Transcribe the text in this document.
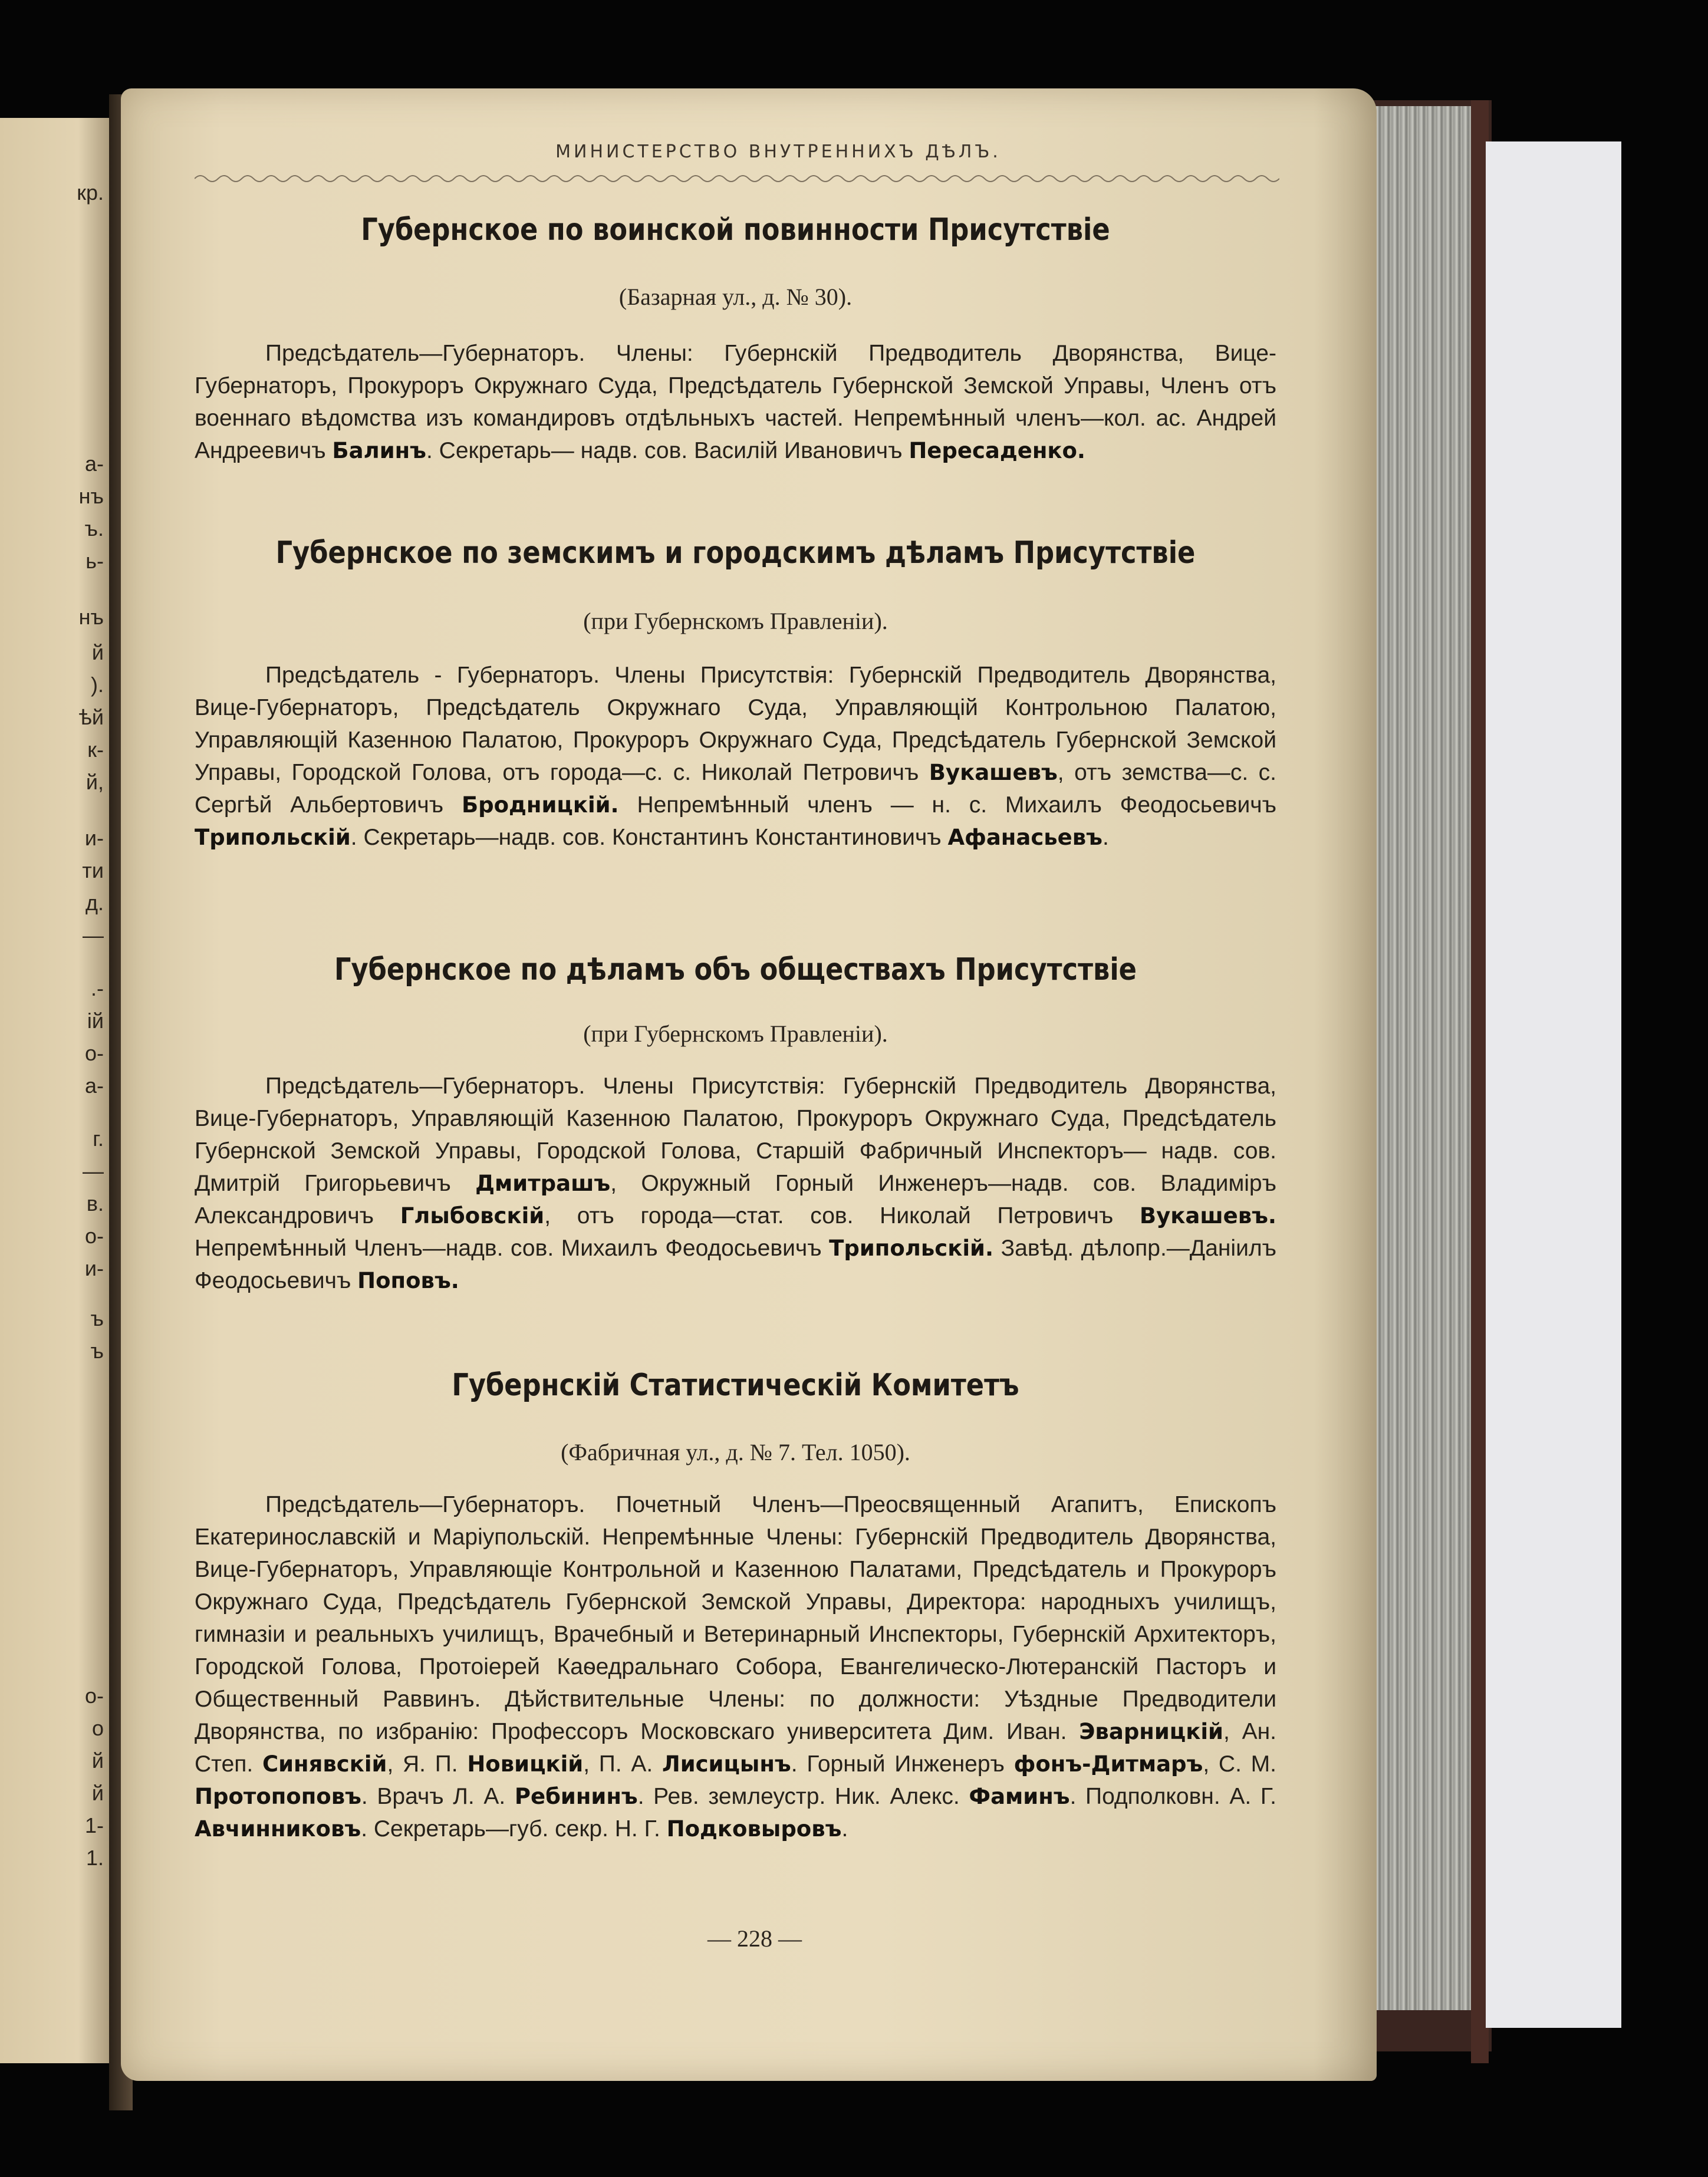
кр.
а-
нъ
ъ.
ь-
нъ
й
).
ѣй
к-
й,
и-
ти
д.
—
.-
ій
о-
а-
г.
—
в.
о-
и-
ъ
ъ
о-
о
й
й
1-
1.
МИНИСТЕРСТВО ВНУТРЕННИХЪ ДѢЛЪ.
Губернское по воинской повинности Присутствіе
(Базарная ул., д. № 30).
Предсѣдатель—Губернаторъ. Члены: Губернскій Предводитель Дворянства, Вице-Губернаторъ, Прокуроръ Окружнаго Суда, Предсѣдатель Губернской Земской Управы, Членъ отъ военнаго вѣдомства изъ командировъ отдѣльныхъ частей. Непремѣнный членъ—кол. ас. Андрей Андреевичъ Балинъ. Секретарь— надв. сов. Василій Ивановичъ Пересаденко.
Губернское по земскимъ и городскимъ дѣламъ Присутствіе
(при Губернскомъ Правленіи).
Предсѣдатель - Губернаторъ. Члены Присутствія: Губернскій Предводитель Дворянства, Вице-Губернаторъ, Предсѣдатель Окружнаго Суда, Управляющій Контрольною Палатою, Управляющій Казенною Палатою, Прокуроръ Окружнаго Суда, Предсѣдатель Губернской Земской Управы, Городской Голова, отъ города—с. с. Николай Петровичъ Вукашевъ, отъ земства—с. с. Сергѣй Альбертовичъ Бродницкій. Непремѣнный членъ — н. с. Михаилъ Феодосьевичъ Трипольскій. Секретарь—надв. сов. Константинъ Константиновичъ Афанасьевъ.
Губернское по дѣламъ объ обществахъ Присутствіе
(при Губернскомъ Правленіи).
Предсѣдатель—Губернаторъ. Члены Присутствія: Губернскій Предводитель Дворянства, Вице-Губернаторъ, Управляющій Казенною Палатою, Прокуроръ Окружнаго Суда, Предсѣдатель Губернской Земской Управы, Городской Голова, Старшій Фабричный Инспекторъ— надв. сов. Дмитрій Григорьевичъ Дмитрашъ, Окружный Горный Инженеръ—надв. сов. Владиміръ Александровичъ Глыбовскій, отъ города—стат. сов. Николай Петровичъ Вукашевъ. Непремѣнный Членъ—надв. сов. Михаилъ Феодосьевичъ Трипольскій. Завѣд. дѣлопр.—Даніилъ Феодосьевичъ Поповъ.
Губернскій Статистическій Комитетъ
(Фабричная ул., д. № 7. Тел. 1050).
Предсѣдатель—Губернаторъ. Почетный Членъ—Преосвященный Агапитъ, Епископъ Екатеринославскій и Маріупольскій. Непремѣнные Члены: Губернскій Предводитель Дворянства, Вице-Губернаторъ, Управляющіе Контрольной и Казенною Палатами, Предсѣдатель и Прокуроръ Окружнаго Суда, Предсѣдатель Губернской Земской Управы, Директора: народныхъ училищъ, гимназіи и реальныхъ училищъ, Врачебный и Ветеринарный Инспекторы, Губернскій Архитекторъ, Городской Голова, Протоіерей Каѳедральнаго Собора, Евангелическо-Лютеранскій Пасторъ и Общественный Раввинъ. Дѣйствительные Члены: по должности: Уѣздные Предводители Дворянства, по избранію: Профессоръ Московскаго университета Дим. Иван. Эварницкій, Ан. Степ. Синявскій, Я. П. Новицкій, П. А. Лисицынъ. Горный Инженеръ фонъ-Дитмаръ, С. М. Протопоповъ. Врачъ Л. А. Ребининъ. Рев. землеустр. Ник. Алекс. Фаминъ. Подполковн. А. Г. Авчинниковъ. Секретарь—губ. секр. Н. Г. Подковыровъ.
— 228 —
